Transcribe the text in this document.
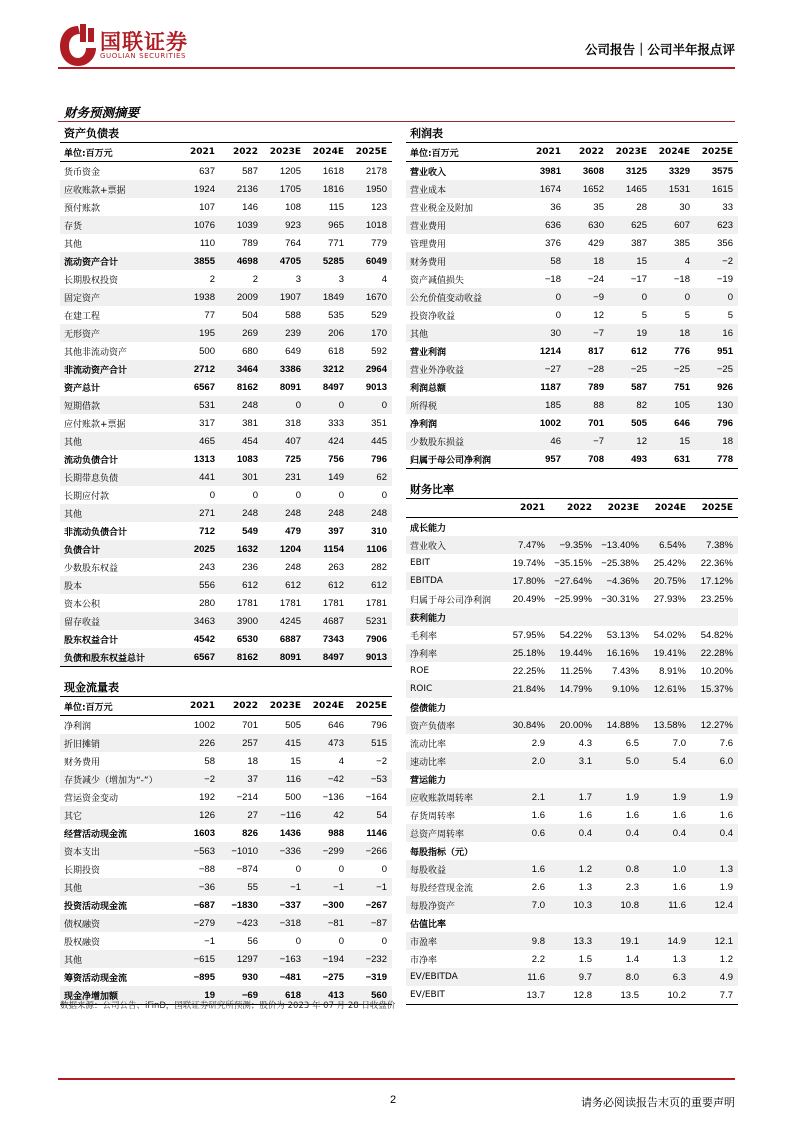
国联证券
GUOLIAN SECURITIES	公司报告｜公司半年报点评
财务预测摘要
资产负债表
单位:百万元	2021	2022	2023E	2024E	2025E
货币资金	637	587	1205	1618	2178
应收账款+票据	1924	2136	1705	1816	1950
预付账款	107	146	108	115	123
存货	1076	1039	923	965	1018
其他	110	789	764	771	779
流动资产合计	3855	4698	4705	5285	6049
长期股权投资	2	2	3	3	4
固定资产	1938	2009	1907	1849	1670
在建工程	77	504	588	535	529
无形资产	195	269	239	206	170
其他非流动资产	500	680	649	618	592
非流动资产合计	2712	3464	3386	3212	2964
资产总计	6567	8162	8091	8497	9013
短期借款	531	248	0	0	0
应付账款+票据	317	381	318	333	351
其他	465	454	407	424	445
流动负债合计	1313	1083	725	756	796
长期带息负债	441	301	231	149	62
长期应付款	0	0	0	0	0
其他	271	248	248	248	248
非流动负债合计	712	549	479	397	310
负债合计	2025	1632	1204	1154	1106
少数股东权益	243	236	248	263	282
股本	556	612	612	612	612
资本公积	280	1781	1781	1781	1781
留存收益	3463	3900	4245	4687	5231
股东权益合计	4542	6530	6887	7343	7906
负债和股东权益总计	6567	8162	8091	8497	9013
利润表
单位:百万元	2021	2022	2023E	2024E	2025E
营业收入	3981	3608	3125	3329	3575
营业成本	1674	1652	1465	1531	1615
营业税金及附加	36	35	28	30	33
营业费用	636	630	625	607	623
管理费用	376	429	387	385	356
财务费用	58	18	15	4	−2
资产减值损失	−18	−24	−17	−18	−19
公允价值变动收益	0	−9	0	0	0
投资净收益	0	12	5	5	5
其他	30	−7	19	18	16
营业利润	1214	817	612	776	951
营业外净收益	−27	−28	−25	−25	−25
利润总额	1187	789	587	751	926
所得税	185	88	82	105	130
净利润	1002	701	505	646	796
少数股东损益	46	−7	12	15	18
归属于母公司净利润	957	708	493	631	778
财务比率
	2021	2022	2023E	2024E	2025E
成长能力					
营业收入	7.47%	−9.35%	−13.40%	6.54%	7.38%
EBIT	19.74%	−35.15%	−25.38%	25.42%	22.36%
EBITDA	17.80%	−27.64%	−4.36%	20.75%	17.12%
归属于母公司净利润	20.49%	−25.99%	−30.31%	27.93%	23.25%
获利能力					
毛利率	57.95%	54.22%	53.13%	54.02%	54.82%
净利率	25.18%	19.44%	16.16%	19.41%	22.28%
ROE	22.25%	11.25%	7.43%	8.91%	10.20%
ROIC	21.84%	14.79%	9.10%	12.61%	15.37%
偿债能力					
资产负债率	30.84%	20.00%	14.88%	13.58%	12.27%
流动比率	2.9	4.3	6.5	7.0	7.6
速动比率	2.0	3.1	5.0	5.4	6.0
营运能力					
应收账款周转率	2.1	1.7	1.9	1.9	1.9
存货周转率	1.6	1.6	1.6	1.6	1.6
总资产周转率	0.6	0.4	0.4	0.4	0.4
每股指标（元）					
每股收益	1.6	1.2	0.8	1.0	1.3
每股经营现金流	2.6	1.3	2.3	1.6	1.9
每股净资产	7.0	10.3	10.8	11.6	12.4
估值比率					
市盈率	9.8	13.3	19.1	14.9	12.1
市净率	2.2	1.5	1.4	1.3	1.2
EV/EBITDA	11.6	9.7	8.0	6.3	4.9
EV/EBIT	13.7	12.8	13.5	10.2	7.7
现金流量表
单位:百万元	2021	2022	2023E	2024E	2025E
净利润	1002	701	505	646	796
折旧摊销	226	257	415	473	515
财务费用	58	18	15	4	−2
存货减少（增加为“-”）	−2	37	116	−42	−53
营运资金变动	192	−214	500	−136	−164
其它	126	27	−116	42	54
经营活动现金流	1603	826	1436	988	1146
资本支出	−563	−1010	−336	−299	−266
长期投资	−88	−874	0	0	0
其他	−36	55	−1	−1	−1
投资活动现金流	−687	−1830	−337	−300	−267
债权融资	−279	−423	−318	−81	−87
股权融资	−1	56	0	0	0
其他	−615	1297	−163	−194	−232
筹资活动现金流	−895	930	−481	−275	−319
现金净增加额	19	−69	618	413	560
数据来源：公司公告、iFinD，国联证券研究所预测；股价为 2023 年 07 月 28 日收盘价
2	请务必阅读报告末页的重要声明
